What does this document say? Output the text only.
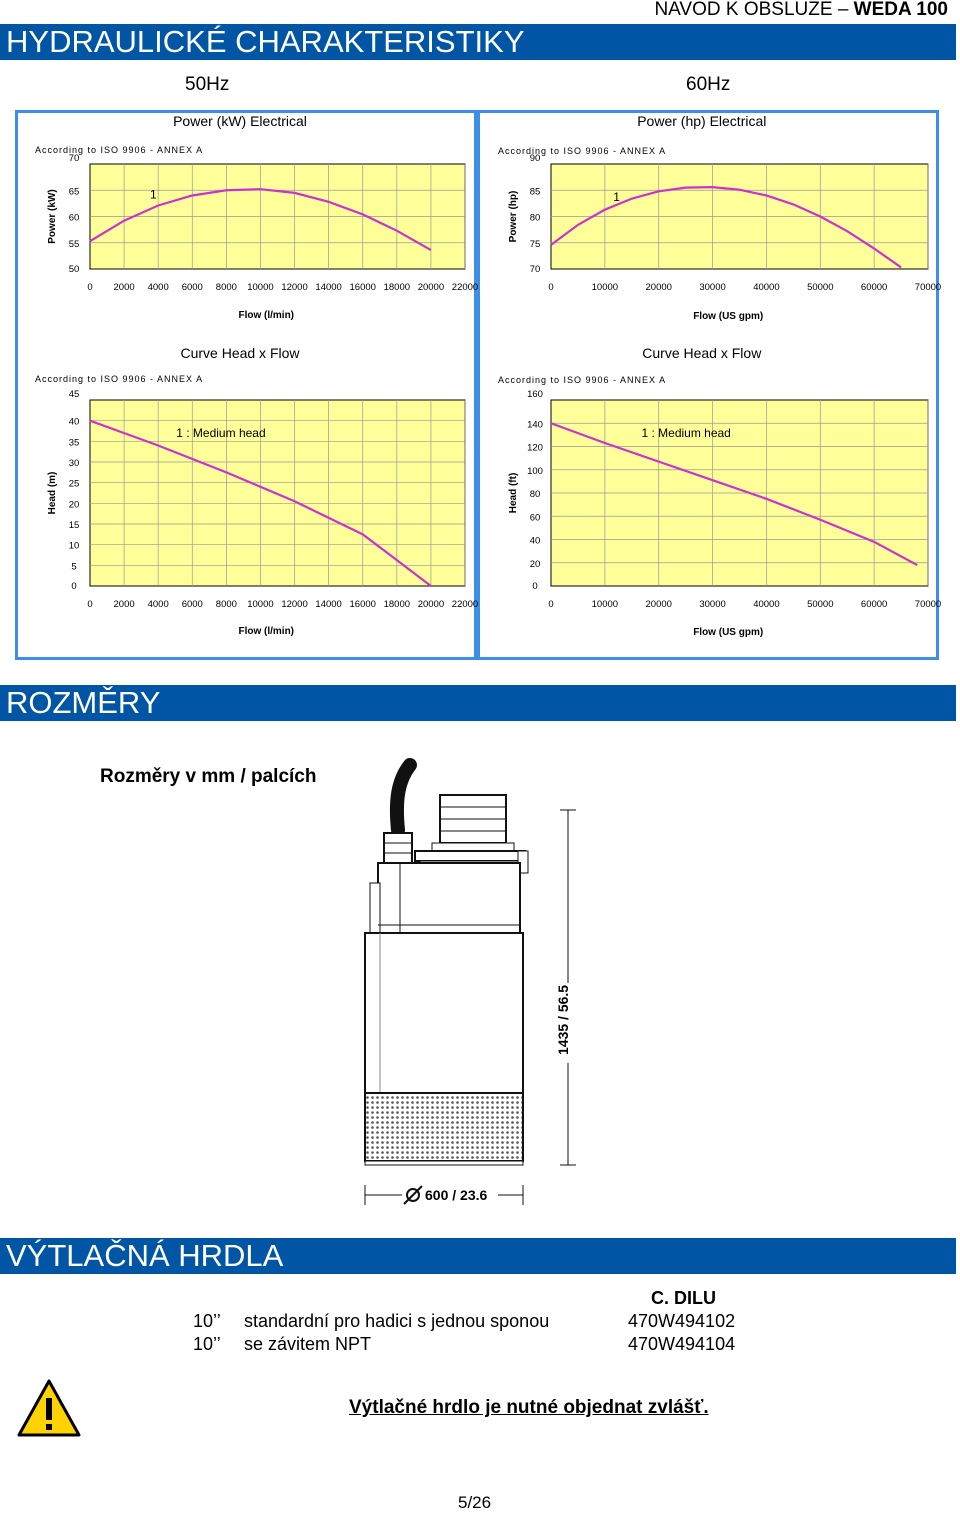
NAVOD K OBSLUZE – WEDA 100
HYDRAULICKÉ CHARAKTERISTIKY
50Hz	60Hz
Power (kW) Electrical
According to ISO 9906 - ANNEX A
0 2000 4000 6000 8000 10000 12000 14000 16000 18000 20000 22000
50
55
60
65
70
Power (kW)
Flow (l/min)
1
Power (hp) Electrical
According to ISO 9906 - ANNEX A
0	10000	20000	30000	40000	50000	60000	70000
70
75
80
85
90
Power (hp)
Flow (US gpm)
1
Curve Head x Flow
According to ISO 9906 - ANNEX A
0 2000 4000 6000 8000 10000 12000 14000 16000 18000 20000 22000
0
5
10
15
20
25
30
35
40
45
Head (m)
Flow (l/min)
1 : Medium head
Curve Head x Flow
According to ISO 9906 - ANNEX A
0	10000	20000	30000	40000	50000	60000	70000
0
20
40
60
80
100
120
140
160
Head (ft)
Flow (US gpm)
1 : Medium head
ROZMĚRY
Rozměry v mm / palcích
600 / 23.6
VÝTLAČNÁ HRDLA
C. DILU
10’’ standardní pro hadici s jednou sponou	470W494102
10’’ se závitem NPT	470W494104
Výtlačné hrdlo je nutné objednat zvlášť.
5/26
